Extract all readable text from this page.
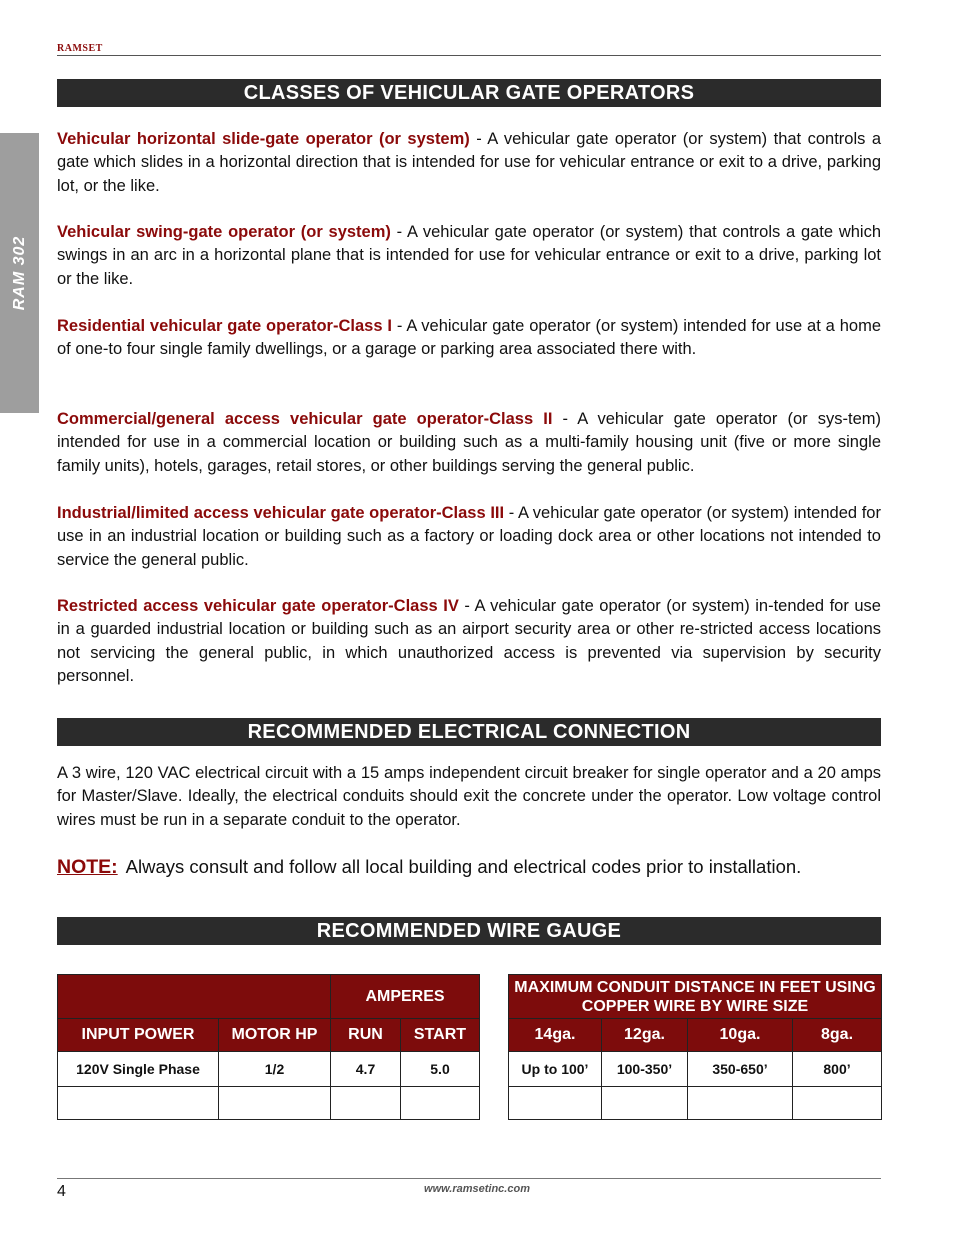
RAMSET
RAM 302
CLASSES OF VEHICULAR GATE OPERATORS
Vehicular horizontal slide-gate operator (or system) - A vehicular gate operator (or system) that controls a gate which slides in a horizontal direction that is intended for use for vehicular entrance or exit to a drive, parking lot, or the like.
Vehicular swing-gate operator (or system) - A vehicular gate operator (or system) that controls a gate which swings in an arc in a horizontal plane that is intended for use for vehicular entrance or exit to a drive, parking lot or the like.
Residential vehicular gate operator-Class I - A vehicular gate operator (or system) intended for use at a home of one-to four single family dwellings, or a garage or parking area associated there with.
Commercial/general access vehicular gate operator-Class II - A vehicular gate operator (or sys-tem) intended for use in a commercial location or building such as a multi-family housing unit (five or more single family units), hotels, garages, retail stores, or other buildings serving the general public.
Industrial/limited access vehicular gate operator-Class III - A vehicular gate operator (or system) intended for use in an industrial location or building such as a factory or loading dock area or other locations not intended to service the general public.
Restricted access vehicular gate operator-Class IV - A vehicular gate operator (or system) in-tended for use in a guarded industrial location or building such as an airport security area or other re-stricted access locations not servicing the general public, in which unauthorized access is prevented via supervision by security personnel.
RECOMMENDED ELECTRICAL CONNECTION
A 3 wire, 120 VAC electrical circuit with a 15 amps independent circuit breaker for single operator and a 20 amps for Master/Slave. Ideally, the electrical conduits should exit the concrete under the operator. Low voltage control wires must be run in a separate conduit to the operator.
NOTE: Always consult and follow all local building and electrical codes prior to installation.
RECOMMENDED WIRE GAUGE
		AMPERES	
INPUT POWER	MOTOR HP	RUN	START
120V Single Phase	1/2	4.7	5.0

MAXIMUM CONDUIT DISTANCE IN FEET USING COPPER WIRE BY WIRE SIZE			
14ga.	12ga.	10ga.	8ga.
Up to 100’	100-350’	350-650’	800’

4	www.ramsetinc.com
